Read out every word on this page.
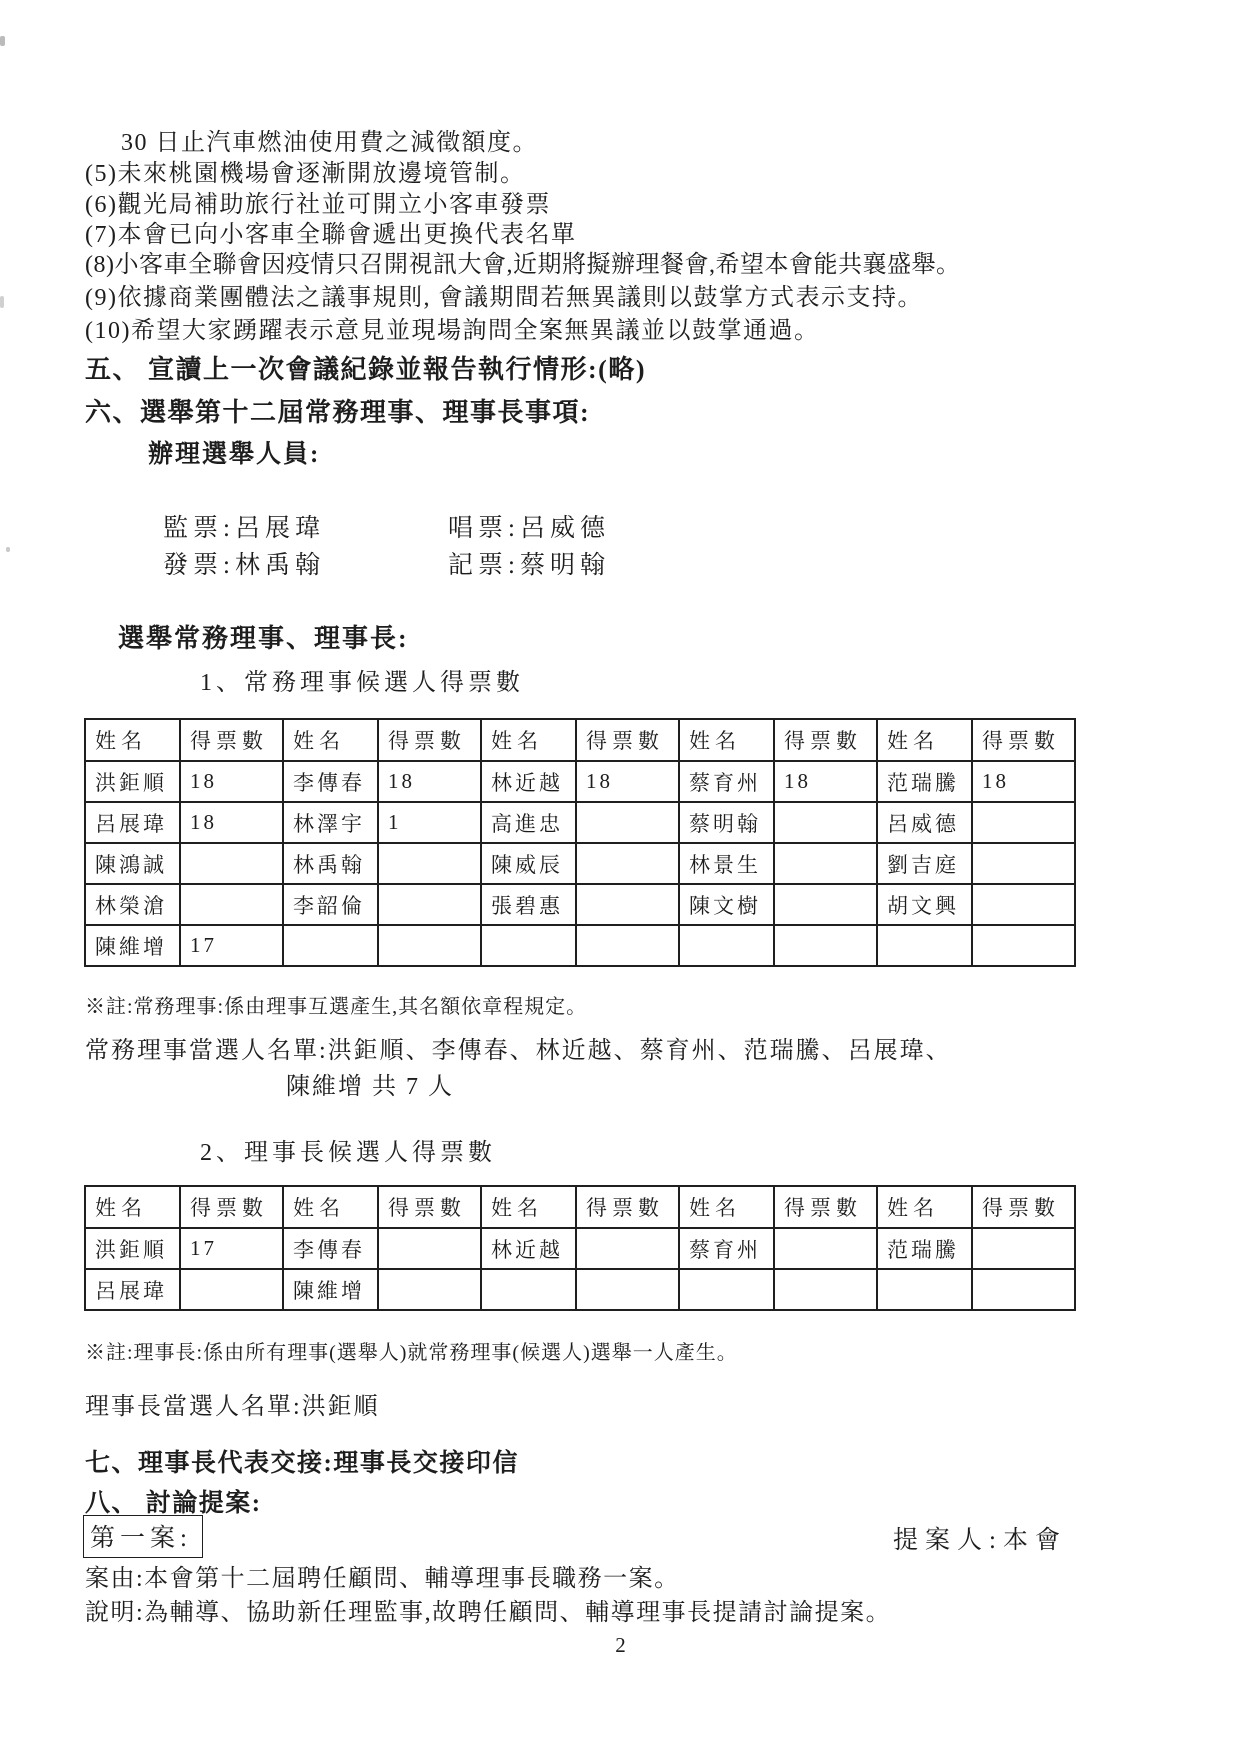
30 日止汽車燃油使用費之減徵額度。
(5)未來桃園機場會逐漸開放邊境管制。
(6)觀光局補助旅行社並可開立小客車發票
(7)本會已向小客車全聯會遞出更換代表名單
(8)小客車全聯會因疫情只召開視訊大會,近期將擬辦理餐會,希望本會能共襄盛舉。
(9)依據商業團體法之議事規則, 會議期間若無異議則以鼓掌方式表示支持。
(10)希望大家踴躍表示意見並現場詢問全案無異議並以鼓掌通過。
五、 宣讀上一次會議紀錄並報告執行情形:(略)
六、選舉第十二屆常務理事、理事長事項:
辦理選舉人員:
監票:呂展瑋	唱票:呂威德
發票:林禹翰	記票:蔡明翰
選舉常務理事、理事長:
1、常務理事候選人得票數
姓名	得票數	姓名	得票數	姓名	得票數	姓名	得票數	姓名	得票數
洪鉅順	18	李傳春	18	林近越	18	蔡育州	18	范瑞騰	18
呂展瑋	18	林澤宇	1	高進忠		蔡明翰		呂威德	
陳鴻誠		林禹翰		陳威辰		林景生		劉吉庭	
林榮滄		李韶倫		張碧惠		陳文樹		胡文興	
陳維增	17								
※註:常務理事:係由理事互選產生,其名額依章程規定。
常務理事當選人名單:洪鉅順、李傳春、林近越、蔡育州、范瑞騰、呂展瑋、
陳維增 共 7 人
2、理事長候選人得票數
姓名	得票數	姓名	得票數	姓名	得票數	姓名	得票數	姓名	得票數
洪鉅順	17	李傳春		林近越		蔡育州		范瑞騰	
呂展瑋		陳維增							
※註:理事長:係由所有理事(選舉人)就常務理事(候選人)選舉一人產生。
理事長當選人名單:洪鉅順
七、理事長代表交接:理事長交接印信
八、 討論提案:
第一案:	提案人:本會
案由:本會第十二屆聘任顧問、輔導理事長職務一案。
說明:為輔導、協助新任理監事,故聘任顧問、輔導理事長提請討論提案。
2
